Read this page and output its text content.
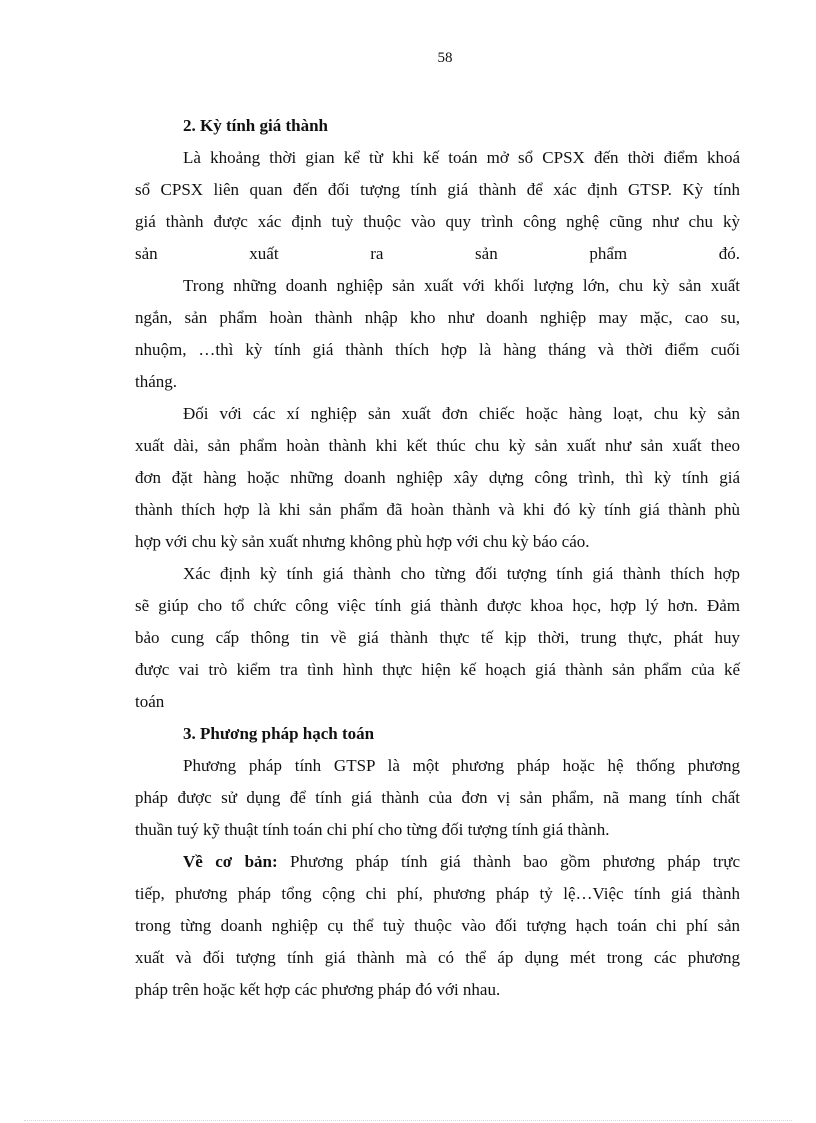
58

2. Kỳ tính giá thành

Là khoảng thời gian kể từ khi kế toán mở sổ CPSX đến thời điểm khoá
sổ CPSX liên quan đến đối tượng tính giá thành để xác định GTSP. Kỳ tính
giá thành được xác định tuỳ thuộc vào quy trình công nghệ cũng như chu kỳ
sản xuất ra sản phẩm đó.
Trong những doanh nghiệp sản xuất với khối lượng lớn, chu kỳ sản xuất
ngắn, sản phẩm hoàn thành nhập kho như doanh nghiệp may mặc, cao su,
nhuộm, …thì kỳ tính giá thành thích hợp là hàng tháng và thời điểm cuối
tháng.
Đối với các xí nghiệp sản xuất đơn chiếc hoặc hàng loạt, chu kỳ sản
xuất dài, sản phẩm hoàn thành khi kết thúc chu kỳ sản xuất như sản xuất theo
đơn đặt hàng hoặc những doanh nghiệp xây dựng công trình, thì kỳ tính giá
thành thích hợp là khi sản phẩm đã hoàn thành và khi đó kỳ tính giá thành phù
hợp với chu kỳ sản xuất nhưng không phù hợp với chu kỳ báo cáo.
Xác định kỳ tính giá thành cho từng đối tượng tính giá thành thích hợp
sẽ giúp cho tổ chức công việc tính giá thành được khoa học, hợp lý hơn. Đảm
bảo cung cấp thông tin về giá thành thực tế kịp thời, trung thực, phát huy
được vai trò kiểm tra tình hình thực hiện kế hoạch giá thành sản phẩm của kế
toán

3. Phương pháp hạch toán

Phương pháp tính GTSP là một phương pháp hoặc hệ thống phương
pháp được sử dụng để tính giá thành của đơn vị sản phẩm, nã mang tính chất
thuần tuý kỹ thuật tính toán chi phí cho từng đối tượng tính giá thành.
Về cơ bản: Phương pháp tính giá thành bao gồm phương pháp trực
tiếp, phương pháp tổng cộng chi phí, phương pháp tỷ lệ…Việc tính giá thành
trong từng doanh nghiệp cụ thể tuỳ thuộc vào đối tượng hạch toán chi phí sản
xuất và đối tượng tính giá thành mà có thể áp dụng mét trong các phương
pháp trên hoặc kết hợp các phương pháp đó với nhau.
